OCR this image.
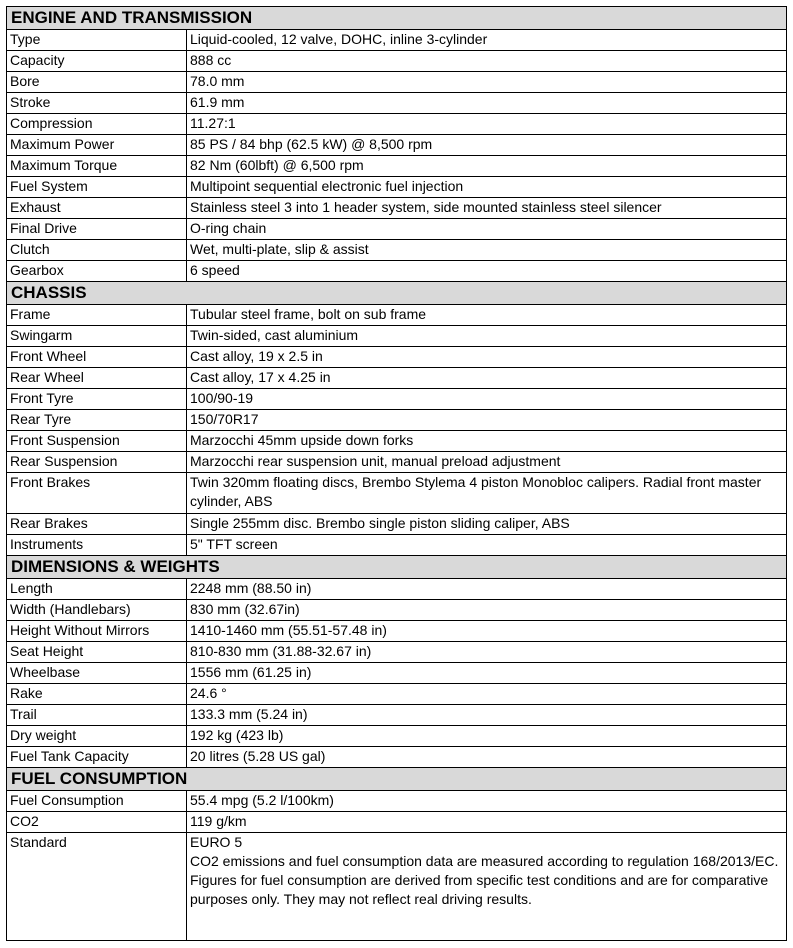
ENGINE AND TRANSMISSION	
Type	Liquid-cooled, 12 valve, DOHC, inline 3-cylinder
Capacity	888 cc
Bore	78.0 mm
Stroke	61.9 mm
Compression	11.27:1
Maximum Power	85 PS / 84 bhp (62.5 kW) @ 8,500 rpm
Maximum Torque	82 Nm (60lbft) @ 6,500 rpm
Fuel System	Multipoint sequential electronic fuel injection
Exhaust	Stainless steel 3 into 1 header system, side mounted stainless steel silencer
Final Drive	O-ring chain
Clutch	Wet, multi-plate, slip & assist
Gearbox	6 speed
CHASSIS	
Frame	Tubular steel frame, bolt on sub frame
Swingarm	Twin-sided, cast aluminium
Front Wheel	Cast alloy, 19 x 2.5 in
Rear Wheel	Cast alloy, 17 x 4.25 in
Front Tyre	100/90-19
Rear Tyre	150/70R17
Front Suspension	Marzocchi 45mm upside down forks
Rear Suspension	Marzocchi rear suspension unit, manual preload adjustment
Front Brakes	Twin 320mm floating discs, Brembo Stylema 4 piston Monobloc calipers. Radial front master cylinder, ABS
Rear Brakes	Single 255mm disc. Brembo single piston sliding caliper, ABS
Instruments	5" TFT screen
DIMENSIONS & WEIGHTS	
Length	2248 mm (88.50 in)
Width (Handlebars)	830 mm (32.67in)
Height Without Mirrors	1410-1460 mm (55.51-57.48 in)
Seat Height	810-830 mm (31.88-32.67 in)
Wheelbase	1556 mm (61.25 in)
Rake	24.6 °
Trail	133.3 mm (5.24 in)
Dry weight	192 kg (423 lb)
Fuel Tank Capacity	20 litres (5.28 US gal)
FUEL CONSUMPTION	
Fuel Consumption	55.4 mpg (5.2 l/100km)
CO2	119 g/km
Standard	EURO 5
CO2 emissions and fuel consumption data are measured according to regulation 168/2013/EC. Figures for fuel consumption are derived from specific test conditions and are for comparative purposes only. They may not reflect real driving results.
